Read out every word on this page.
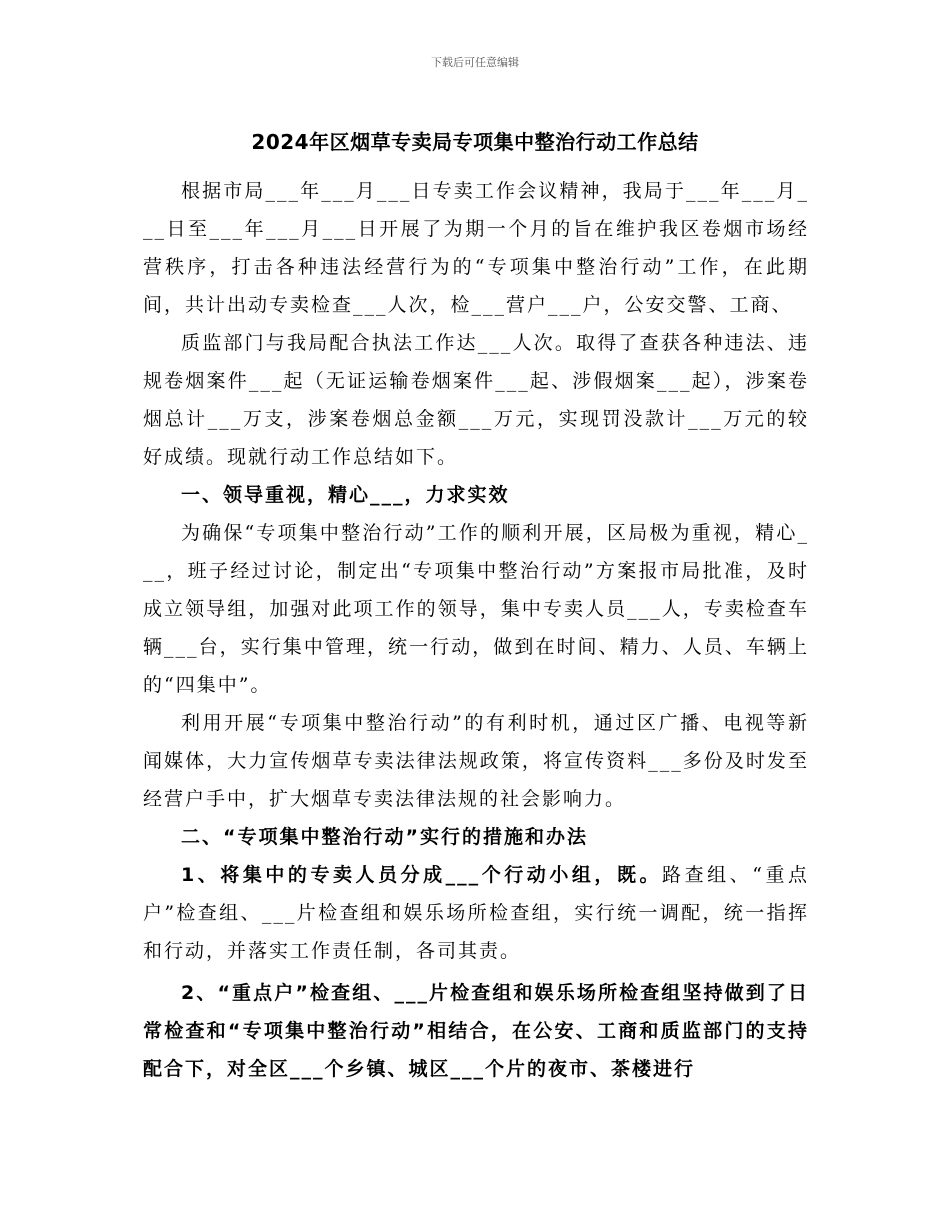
下载后可任意编辑
2024年区烟草专卖局专项集中整治行动工作总结

根据市局___年___月___日专卖工作会议精神，我局于___年___月___日至___年___月___日开展了为期一个月的旨在维护我区卷烟市场经营秩序，打击各种违法经营行为的“专项集中整治行动”工作，在此期间，共计出动专卖检查___人次，检___营户___户，公安交警、工商、

质监部门与我局配合执法工作达___人次。取得了查获各种违法、违规卷烟案件___起（无证运输卷烟案件___起、涉假烟案___起），涉案卷烟总计___万支，涉案卷烟总金额___万元，实现罚没款计___万元的较好成绩。现就行动工作总结如下。

一、领导重视，精心___，力求实效

为确保“专项集中整治行动”工作的顺利开展，区局极为重视，精心___，班子经过讨论，制定出“专项集中整治行动”方案报市局批准，及时成立领导组，加强对此项工作的领导，集中专卖人员___人，专卖检查车辆___台，实行集中管理，统一行动，做到在时间、精力、人员、车辆上的“四集中”。

利用开展“专项集中整治行动”的有利时机，通过区广播、电视等新闻媒体，大力宣传烟草专卖法律法规政策，将宣传资料___多份及时发至经营户手中，扩大烟草专卖法律法规的社会影响力。

二、“专项集中整治行动”实行的措施和办法

1、将集中的专卖人员分成___个行动小组，既。路查组、“重点户”检查组、___片检查组和娱乐场所检查组，实行统一调配，统一指挥和行动，并落实工作责任制，各司其责。

2、“重点户”检查组、___片检查组和娱乐场所检查组坚持做到了日常检查和“专项集中整治行动”相结合，在公安、工商和质监部门的支持配合下，对全区___个乡镇、城区___个片的夜市、茶楼进行
